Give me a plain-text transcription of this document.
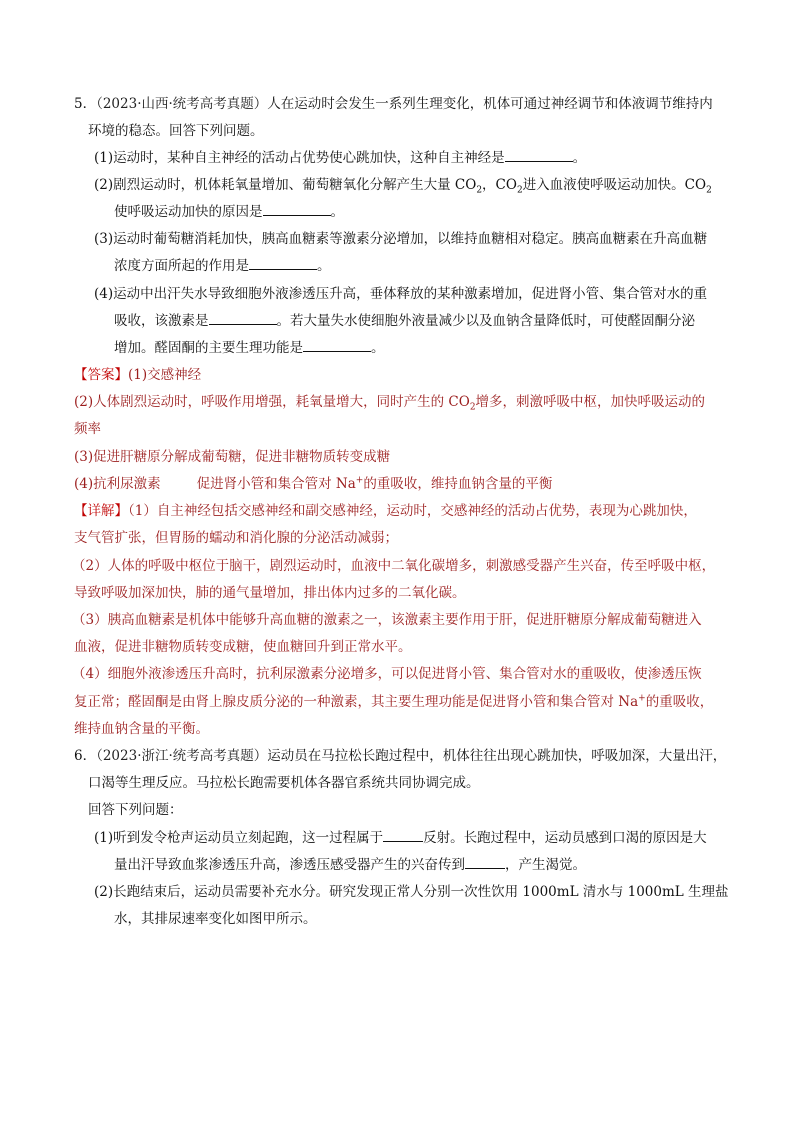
5．（2023·山西·统考高考真题）人在运动时会发生一系列生理变化，机体可通过神经调节和体液调节维持内
环境的稳态。回答下列问题。
(1)运动时，某种自主神经的活动占优势使心跳加快，这种自主神经是	。
(2)剧烈运动时，机体耗氧量增加、葡萄糖氧化分解产生大量 $CO_2$，$CO_2$进入血液使呼吸运动加快。$CO_2$
使呼吸运动加快的原因是	。
(3)运动时葡萄糖消耗加快，胰高血糖素等激素分泌增加，以维持血糖相对稳定。胰高血糖素在升高血糖
浓度方面所起的作用是	。
(4)运动中出汗失水导致细胞外液渗透压升高，垂体释放的某种激素增加，促进肾小管、集合管对水的重
吸收，该激素是	。若大量失水使细胞外液量减少以及血钠含量降低时，可使醛固酮分泌
增加。醛固酮的主要生理功能是	。
【答案】(1)交感神经
(2)人体剧烈运动时，呼吸作用增强，耗氧量增大，同时产生的 $CO_2$增多，刺激呼吸中枢，加快呼吸运动的
频率
(3)促进肝糖原分解成葡萄糖，促进非糖物质转变成糖
(4)抗利尿激素	促进肾小管和集合管对 Na+的重吸收，维持血钠含量的平衡
【详解】（1）自主神经包括交感神经和副交感神经，运动时，交感神经的活动占优势，表现为心跳加快，
支气管扩张，但胃肠的蠕动和消化腺的分泌活动减弱；
（2）人体的呼吸中枢位于脑干，剧烈运动时，血液中二氧化碳增多，刺激感受器产生兴奋，传至呼吸中枢，
导致呼吸加深加快，肺的通气量增加，排出体内过多的二氧化碳。
（3）胰高血糖素是机体中能够升高血糖的激素之一，该激素主要作用于肝，促进肝糖原分解成葡萄糖进入
血液，促进非糖物质转变成糖，使血糖回升到正常水平。
（4）细胞外液渗透压升高时，抗利尿激素分泌增多，可以促进肾小管、集合管对水的重吸收，使渗透压恢
复正常；醛固酮是由肾上腺皮质分泌的一种激素，其主要生理功能是促进肾小管和集合管对 Na+的重吸收，
维持血钠含量的平衡。
6．（2023·浙江·统考高考真题）运动员在马拉松长跑过程中，机体往往出现心跳加快，呼吸加深，大量出汗，
口渴等生理反应。马拉松长跑需要机体各器官系统共同协调完成。
回答下列问题：
(1)听到发令枪声运动员立刻起跑，这一过程属于	反射。长跑过程中，运动员感到口渴的原因是大
量出汗导致血浆渗透压升高，渗透压感受器产生的兴奋传到	，产生渴觉。
(2)长跑结束后，运动员需要补充水分。研究发现正常人分别一次性饮用 1000mL 清水与 1000mL 生理盐
水，其排尿速率变化如图甲所示。
